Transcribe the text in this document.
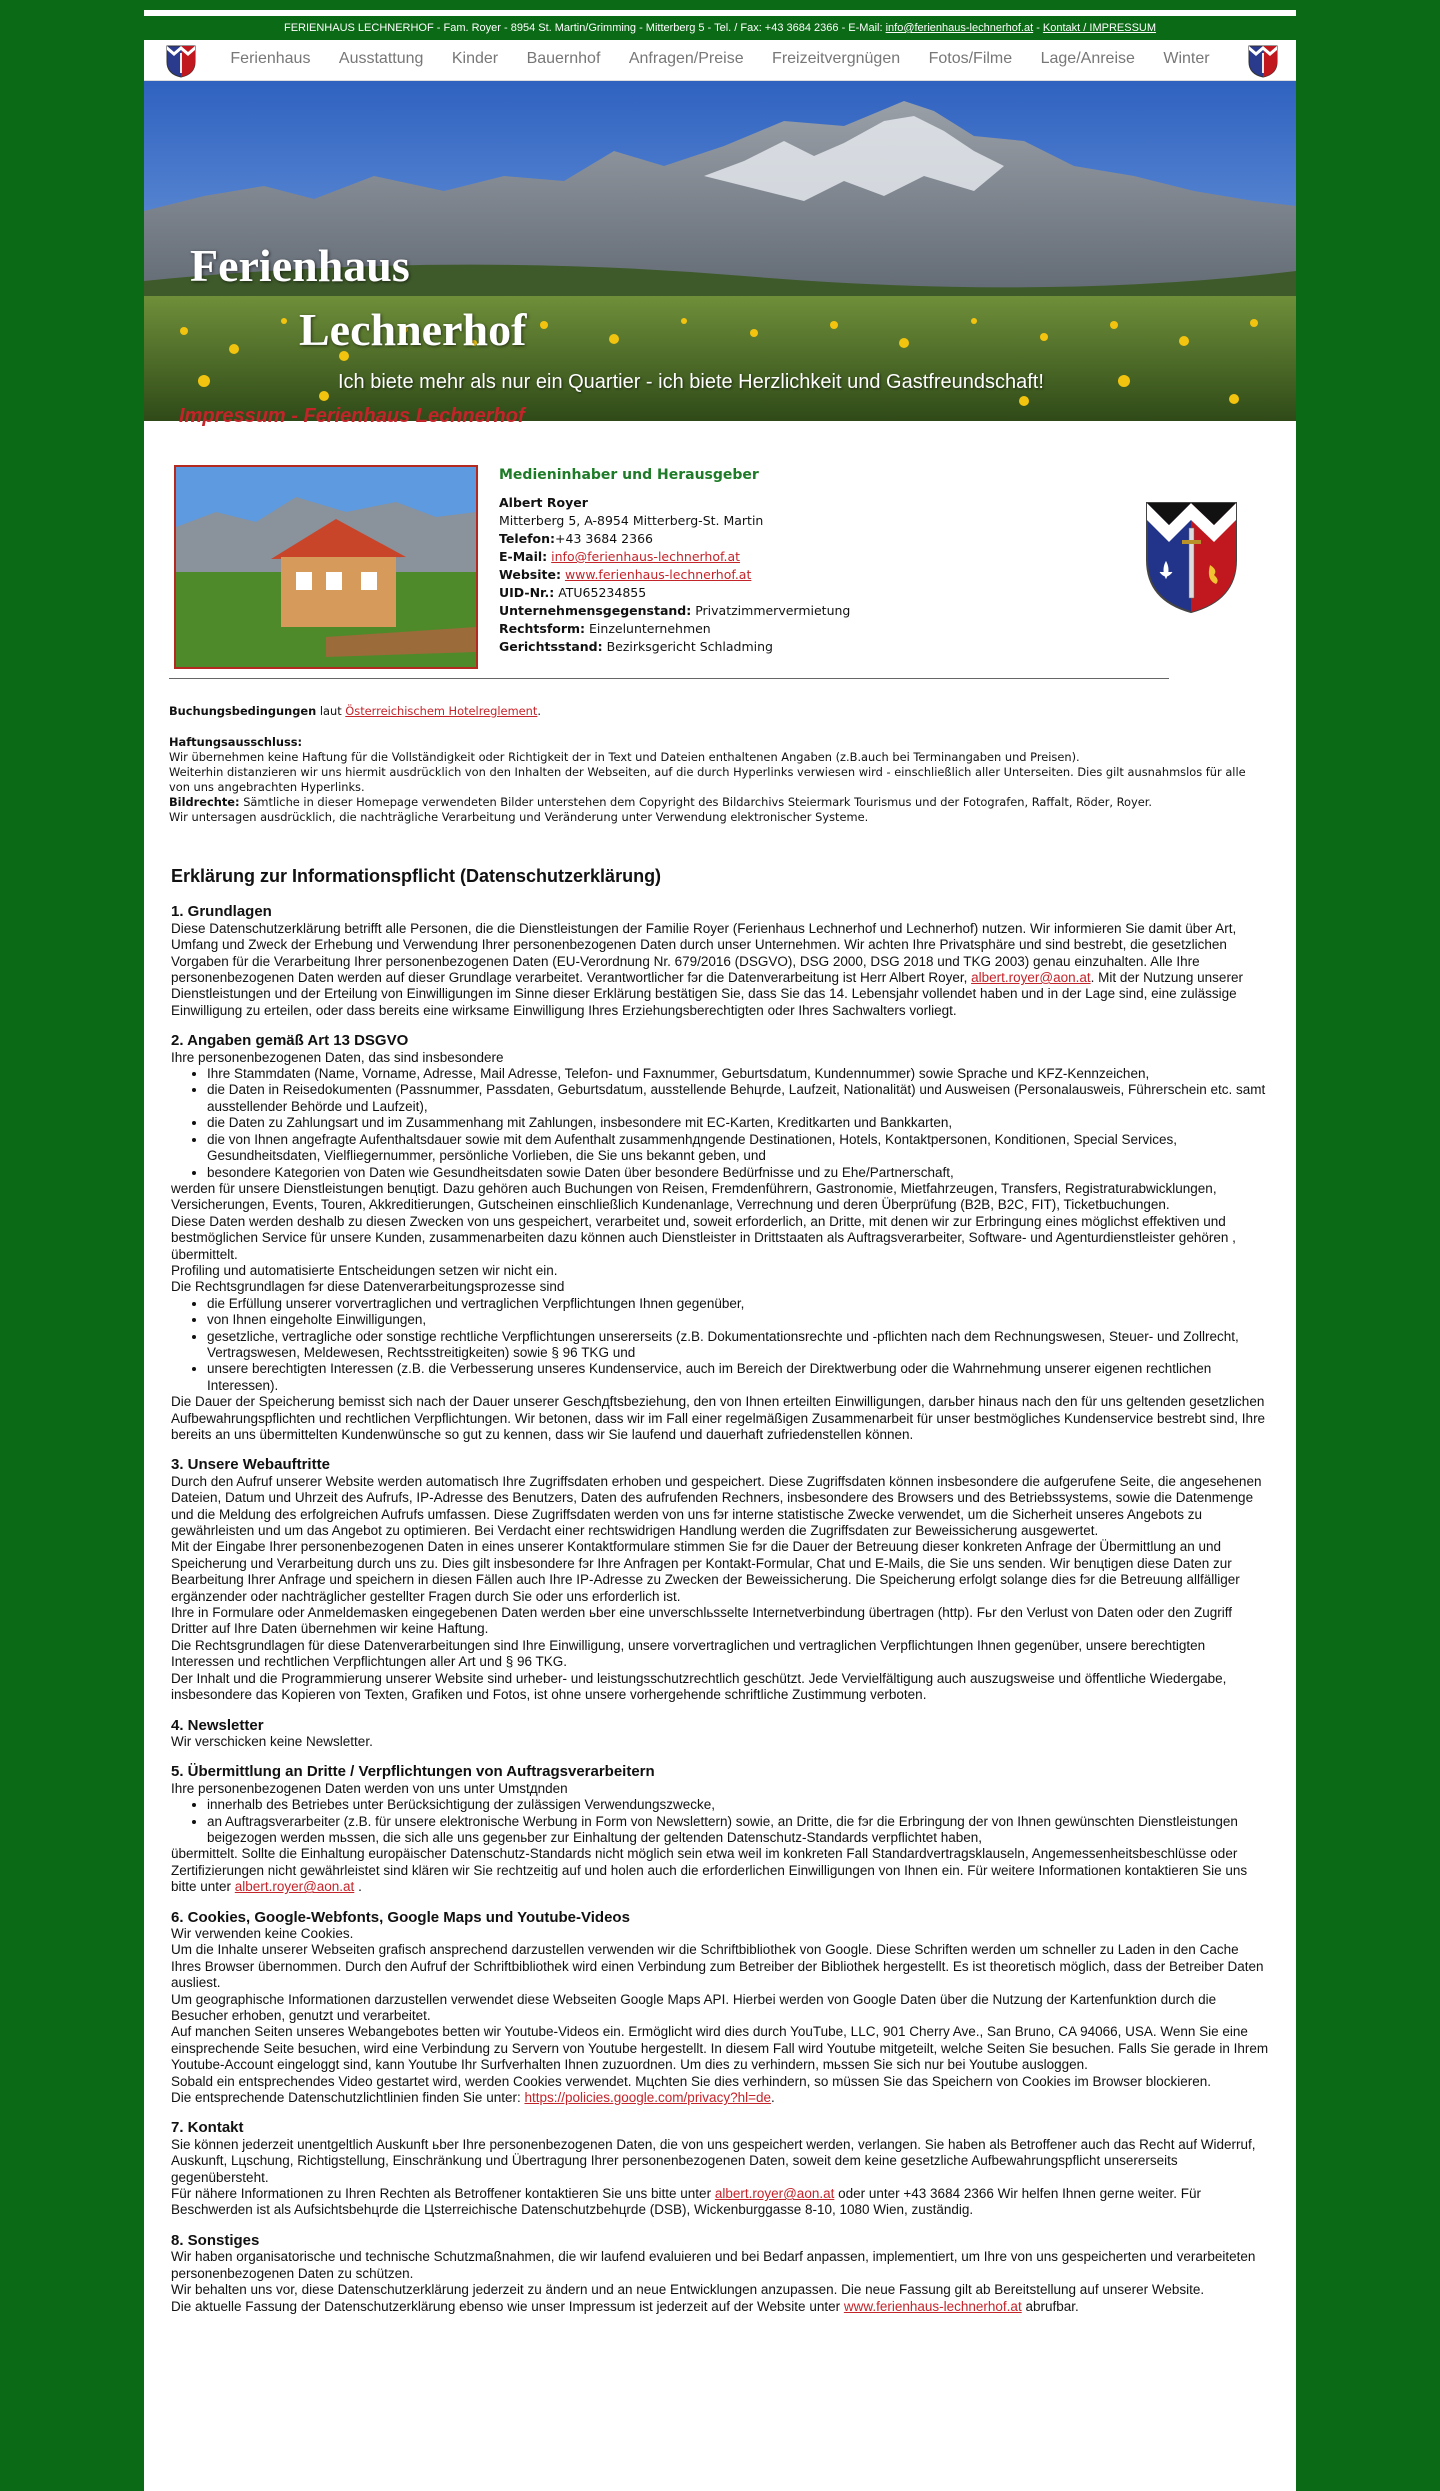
FERIENHAUS LECHNERHOF - Fam. Royer - 8954 St. Martin/Grimming - Mitterberg 5 - Tel. / Fax: +43 3684 2366 - E-Mail: info@ferienhaus-lechnerhof.at - Kontakt / IMPRESSUM
Ferienhaus Ausstattung Kinder Bauernhof Anfragen/Preise Freizeitvergnügen Fotos/Filme Lage/Anreise Winter
Ferienhaus
Lechnerhof
Ich biete mehr als nur ein Quartier - ich biete Herzlichkeit und Gastfreundschaft!
Impressum - Ferienhaus Lechnerhof
Medieninhaber und Herausgeber
Albert Royer
Mitterberg 5, A-8954 Mitterberg-St. Martin
Telefon:+43 3684 2366
E-Mail: info@ferienhaus-lechnerhof.at
Website: www.ferienhaus-lechnerhof.at
UID-Nr.: ATU65234855
Unternehmensgegenstand: Privatzimmervermietung
Rechtsform: Einzelunternehmen
Gerichtsstand: Bezirksgericht Schladming

Buchungsbedingungen laut Österreichischem Hotelreglement.

Haftungsausschluss:

Wir übernehmen keine Haftung für die Vollständigkeit oder Richtigkeit der in Text und Dateien enthaltenen Angaben (z.B.auch bei Terminangaben und Preisen).

Weiterhin distanzieren wir uns hiermit ausdrücklich von den Inhalten der Webseiten, auf die durch Hyperlinks verwiesen wird - einschließlich aller Unterseiten. Dies gilt ausnahmslos für alle von uns angebrachten Hyperlinks.

Bildrechte: Sämtliche in dieser Homepage verwendeten Bilder unterstehen dem Copyright des Bildarchivs Steiermark Tourismus und der Fotografen, Raffalt, Röder, Royer.

Wir untersagen ausdrücklich, die nachträgliche Verarbeitung und Veränderung unter Verwendung elektronischer Systeme.

Erklärung zur Informationspflicht (Datenschutzerklärung)
1. Grundlagen

Diese Datenschutzerklärung betrifft alle Personen, die die Dienstleistungen der Familie Royer (Ferienhaus Lechnerhof und Lechnerhof) nutzen. Wir informieren Sie damit über Art, Umfang und Zweck der Erhebung und Verwendung Ihrer personenbezogenen Daten durch unser Unternehmen. Wir achten Ihre Privatsphäre und sind bestrebt, die gesetzlichen Vorgaben für die Verarbeitung Ihrer personenbezogenen Daten (EU-Verordnung Nr. 679/2016 (DSGVO), DSG 2000, DSG 2018 und TKG 2003) genau einzuhalten. Alle Ihre personenbezogenen Daten werden auf dieser Grundlage verarbeitet. Verantwortlicher fэr die Datenverarbeitung ist Herr Albert Royer, albert.royer@aon.at. Mit der Nutzung unserer Dienstleistungen und der Erteilung von Einwilligungen im Sinne dieser Erklärung bestätigen Sie, dass Sie das 14. Lebensjahr vollendet haben und in der Lage sind, eine zulässige Einwilligung zu erteilen, oder dass bereits eine wirksame Einwilligung Ihres Erziehungsberechtigten oder Ihres Sachwalters vorliegt.

2. Angaben gemäß Art 13 DSGVO

Ihre personenbezogenen Daten, das sind insbesondere

• Ihre Stammdaten (Name, Vorname, Adresse, Mail Adresse, Telefon- und Faxnummer, Geburtsdatum, Kundennummer) sowie Sprache und KFZ-Kennzeichen,
• die Daten in Reisedokumenten (Passnummer, Passdaten, Geburtsdatum, ausstellende Behцrde, Laufzeit, Nationalität) und Ausweisen (Personalausweis, Führerschein etc. samt ausstellender Behörde und Laufzeit),
• die Daten zu Zahlungsart und im Zusammenhang mit Zahlungen, insbesondere mit EC-Karten, Kreditkarten und Bankkarten,
• die von Ihnen angefragte Aufenthaltsdauer sowie mit dem Aufenthalt zusammenhдngende Destinationen, Hotels, Kontaktpersonen, Konditionen, Special Services, Gesundheitsdaten, Vielfliegernummer, persönliche Vorlieben, die Sie uns bekannt geben, und
• besondere Kategorien von Daten wie Gesundheitsdaten sowie Daten über besondere Bedürfnisse und zu Ehe/Partnerschaft,

werden für unsere Dienstleistungen benцtigt. Dazu gehören auch Buchungen von Reisen, Fremdenführern, Gastronomie, Mietfahrzeugen, Transfers, Registraturabwicklungen, Versicherungen, Events, Touren, Akkreditierungen, Gutscheinen einschließlich Kundenanlage, Verrechnung und deren Überprüfung (B2B, B2C, FIT), Ticketbuchungen.

Diese Daten werden deshalb zu diesen Zwecken von uns gespeichert, verarbeitet und, soweit erforderlich, an Dritte, mit denen wir zur Erbringung eines möglichst effektiven und bestmöglichen Service für unsere Kunden, zusammenarbeiten dazu können auch Dienstleister in Drittstaaten als Auftragsverarbeiter, Software- und Agenturdienstleister gehören , übermittelt.

Profiling und automatisierte Entscheidungen setzen wir nicht ein.

Die Rechtsgrundlagen fэr diese Datenverarbeitungsprozesse sind

• die Erfüllung unserer vorvertraglichen und vertraglichen Verpflichtungen Ihnen gegenüber,
• von Ihnen eingeholte Einwilligungen,
• gesetzliche, vertragliche oder sonstige rechtliche Verpflichtungen unsererseits (z.B. Dokumentationsrechte und -pflichten nach dem Rechnungswesen, Steuer- und Zollrecht, Vertragswesen, Meldewesen, Rechtsstreitigkeiten) sowie § 96 TKG und
• unsere berechtigten Interessen (z.B. die Verbesserung unseres Kundenservice, auch im Bereich der Direktwerbung oder die Wahrnehmung unserer eigenen rechtlichen Interessen).

Die Dauer der Speicherung bemisst sich nach der Dauer unserer Geschдftsbeziehung, den von Ihnen erteilten Einwilligungen, darьber hinaus nach den für uns geltenden gesetzlichen Aufbewahrungspflichten und rechtlichen Verpflichtungen. Wir betonen, dass wir im Fall einer regelmäßigen Zusammenarbeit für unser bestmögliches Kundenservice bestrebt sind, Ihre bereits an uns übermittelten Kundenwünsche so gut zu kennen, dass wir Sie laufend und dauerhaft zufriedenstellen können.

3. Unsere Webauftritte

Durch den Aufruf unserer Website werden automatisch Ihre Zugriffsdaten erhoben und gespeichert. Diese Zugriffsdaten können insbesondere die aufgerufene Seite, die angesehenen Dateien, Datum und Uhrzeit des Aufrufs, IP-Adresse des Benutzers, Daten des aufrufenden Rechners, insbesondere des Browsers und des Betriebssystems, sowie die Datenmenge und die Meldung des erfolgreichen Aufrufs umfassen. Diese Zugriffsdaten werden von uns fэr interne statistische Zwecke verwendet, um die Sicherheit unseres Angebots zu gewährleisten und um das Angebot zu optimieren. Bei Verdacht einer rechtswidrigen Handlung werden die Zugriffsdaten zur Beweissicherung ausgewertet.

Mit der Eingabe Ihrer personenbezogenen Daten in eines unserer Kontaktformulare stimmen Sie fэr die Dauer der Betreuung dieser konkreten Anfrage der Übermittlung an und Speicherung und Verarbeitung durch uns zu. Dies gilt insbesondere fэr Ihre Anfragen per Kontakt-Formular, Chat und E-Mails, die Sie uns senden. Wir benцtigen diese Daten zur Bearbeitung Ihrer Anfrage und speichern in diesen Fällen auch Ihre IP-Adresse zu Zwecken der Beweissicherung. Die Speicherung erfolgt solange dies fэr die Betreuung allfälliger ergänzender oder nachträglicher gestellter Fragen durch Sie oder uns erforderlich ist.

Ihre in Formulare oder Anmeldemasken eingegebenen Daten werden ьber eine unverschlьsselte Internetverbindung übertragen (http). Fьr den Verlust von Daten oder den Zugriff Dritter auf Ihre Daten übernehmen wir keine Haftung.

Die Rechtsgrundlagen für diese Datenverarbeitungen sind Ihre Einwilligung, unsere vorvertraglichen und vertraglichen Verpflichtungen Ihnen gegenüber, unsere berechtigten Interessen und rechtlichen Verpflichtungen aller Art und § 96 TKG.

Der Inhalt und die Programmierung unserer Website sind urheber- und leistungsschutzrechtlich geschützt. Jede Vervielfältigung auch auszugsweise und öffentliche Wiedergabe, insbesondere das Kopieren von Texten, Grafiken und Fotos, ist ohne unsere vorhergehende schriftliche Zustimmung verboten.

4. Newsletter

Wir verschicken keine Newsletter.

5. Übermittlung an Dritte / Verpflichtungen von Auftragsverarbeitern

Ihre personenbezogenen Daten werden von uns unter Umstдnden

• innerhalb des Betriebes unter Berücksichtigung der zulässigen Verwendungszwecke,
• an Auftragsverarbeiter (z.B. für unsere elektronische Werbung in Form von Newslettern) sowie, an Dritte, die fэr die Erbringung der von Ihnen gewünschten Dienstleistungen beigezogen werden mьssen, die sich alle uns gegenьber zur Einhaltung der geltenden Datenschutz-Standards verpflichtet haben,

übermittelt. Sollte die Einhaltung europäischer Datenschutz-Standards nicht möglich sein etwa weil im konkreten Fall Standardvertragsklauseln, Angemessenheitsbeschlüsse oder Zertifizierungen nicht gewährleistet sind klären wir Sie rechtzeitig auf und holen auch die erforderlichen Einwilligungen von Ihnen ein. Für weitere Informationen kontaktieren Sie uns bitte unter albert.royer@aon.at .

6. Cookies, Google-Webfonts, Google Maps und Youtube-Videos

Wir verwenden keine Cookies.

Um die Inhalte unserer Webseiten grafisch ansprechend darzustellen verwenden wir die Schriftbibliothek von Google. Diese Schriften werden um schneller zu Laden in den Cache Ihres Browser übernommen. Durch den Aufruf der Schriftbibliothek wird einen Verbindung zum Betreiber der Bibliothek hergestellt. Es ist theoretisch möglich, dass der Betreiber Daten ausliest.

Um geographische Informationen darzustellen verwendet diese Webseiten Google Maps API. Hierbei werden von Google Daten über die Nutzung der Kartenfunktion durch die Besucher erhoben, genutzt und verarbeitet.

Auf manchen Seiten unseres Webangebotes betten wir Youtube-Videos ein. Ermöglicht wird dies durch YouTube, LLC, 901 Cherry Ave., San Bruno, CA 94066, USA. Wenn Sie eine einsprechende Seite besuchen, wird eine Verbindung zu Servern von Youtube hergestellt. In diesem Fall wird Youtube mitgeteilt, welche Seiten Sie besuchen. Falls Sie gerade in Ihrem Youtube-Account eingeloggt sind, kann Youtube Ihr Surfverhalten Ihnen zuzuordnen. Um dies zu verhindern, mьssen Sie sich nur bei Youtube ausloggen.

Sobald ein entsprechendes Video gestartet wird, werden Cookies verwendet. Mцchten Sie dies verhindern, so müssen Sie das Speichern von Cookies im Browser blockieren.

Die entsprechende Datenschutzlichtlinien finden Sie unter: https://policies.google.com/privacy?hl=de.

7. Kontakt

Sie können jederzeit unentgeltlich Auskunft ьber Ihre personenbezogenen Daten, die von uns gespeichert werden, verlangen. Sie haben als Betroffener auch das Recht auf Widerruf, Auskunft, Lцschung, Richtigstellung, Einschränkung und Übertragung Ihrer personenbezogenen Daten, soweit dem keine gesetzliche Aufbewahrungspflicht unsererseits gegenübersteht.

Für nähere Informationen zu Ihren Rechten als Betroffener kontaktieren Sie uns bitte unter albert.royer@aon.at oder unter +43 3684 2366 Wir helfen Ihnen gerne weiter. Für Beschwerden ist als Aufsichtsbehцrde die Цsterreichische Datenschutzbehцrde (DSB), Wickenburggasse 8-10, 1080 Wien, zuständig.

8. Sonstiges

Wir haben organisatorische und technische Schutzmaßnahmen, die wir laufend evaluieren und bei Bedarf anpassen, implementiert, um Ihre von uns gespeicherten und verarbeiteten personenbezogenen Daten zu schützen.

Wir behalten uns vor, diese Datenschutzerklärung jederzeit zu ändern und an neue Entwicklungen anzupassen. Die neue Fassung gilt ab Bereitstellung auf unserer Website.

Die aktuelle Fassung der Datenschutzerklärung ebenso wie unser Impressum ist jederzeit auf der Website unter www.ferienhaus-lechnerhof.at abrufbar.
